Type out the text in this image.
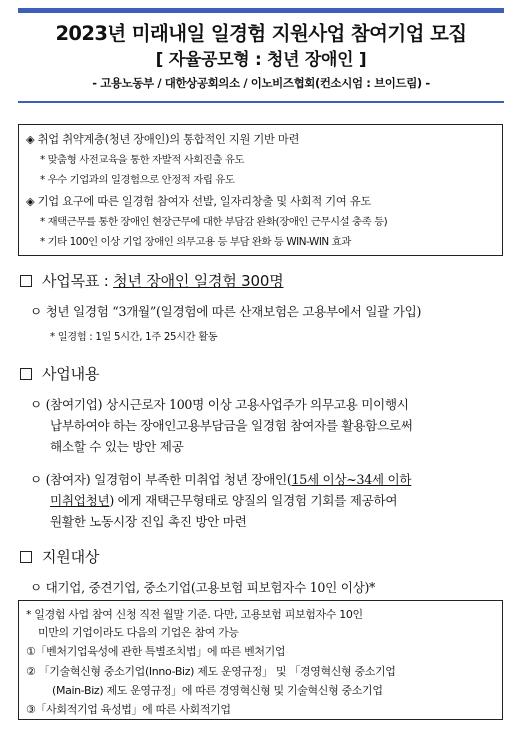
2023년 미래내일 일경험 지원사업 참여기업 모집
[ 자율공모형 : 청년 장애인 ]
- 고용노동부 / 대한상공회의소 / 이노비즈협회(컨소시엄 : 브이드림) -
◈ 취업 취약계층(청년 장애인)의 통합적인 지원 기반 마련
* 맞춤형 사전교육을 통한 자발적 사회진출 유도
* 우수 기업과의 일경험으로 안정적 자립 유도
◈ 기업 요구에 따른 일경험 참여자 선발, 일자리창출 및 사회적 기여 유도
* 재택근무를 통한 장애인 현장근무에 대한 부담감 완화(장애인 근무시설 충족 등)
* 기타 100인 이상 기업 장애인 의무고용 등 부담 완화 등 WIN-WIN 효과
사업목표 : 청년 장애인 일경험 300명
ㅇ 청년 일경험 “3개월”(일경험에 따른 산재보험은 고용부에서 일괄 가입)
* 일경험 : 1일 5시간, 1주 25시간 활동
사업내용
ㅇ (참여기업) 상시근로자 100명 이상 고용사업주가 의무고용 미이행시
납부하여야 하는 장애인고용부담금을 일경험 참여자를 활용함으로써
해소할 수 있는 방안 제공
ㅇ (참여자) 일경험이 부족한 미취업 청년 장애인(15세 이상~34세 이하
미취업청년) 에게 재택근무형태로 양질의 일경험 기회를 제공하여
원활한 노동시장 진입 촉진 방안 마련
지원대상
ㅇ 대기업, 중견기업, 중소기업(고용보험 피보험자수 10인 이상)*
* 일경험 사업 참여 신청 직전 월말 기준. 다만, 고용보험 피보험자수 10인
미만의 기업이라도 다음의 기업은 참여 가능
①「벤처기업육성에 관한 특별조치법」에 따른 벤처기업
② 「기술혁신형 중소기업(Inno-Biz) 제도 운영규정」 및 「경영혁신형 중소기업
(Main-Biz) 제도 운영규정」에 따른 경영혁신형 및 기술혁신형 중소기업
③「사회적기업 육성법」에 따른 사회적기업
